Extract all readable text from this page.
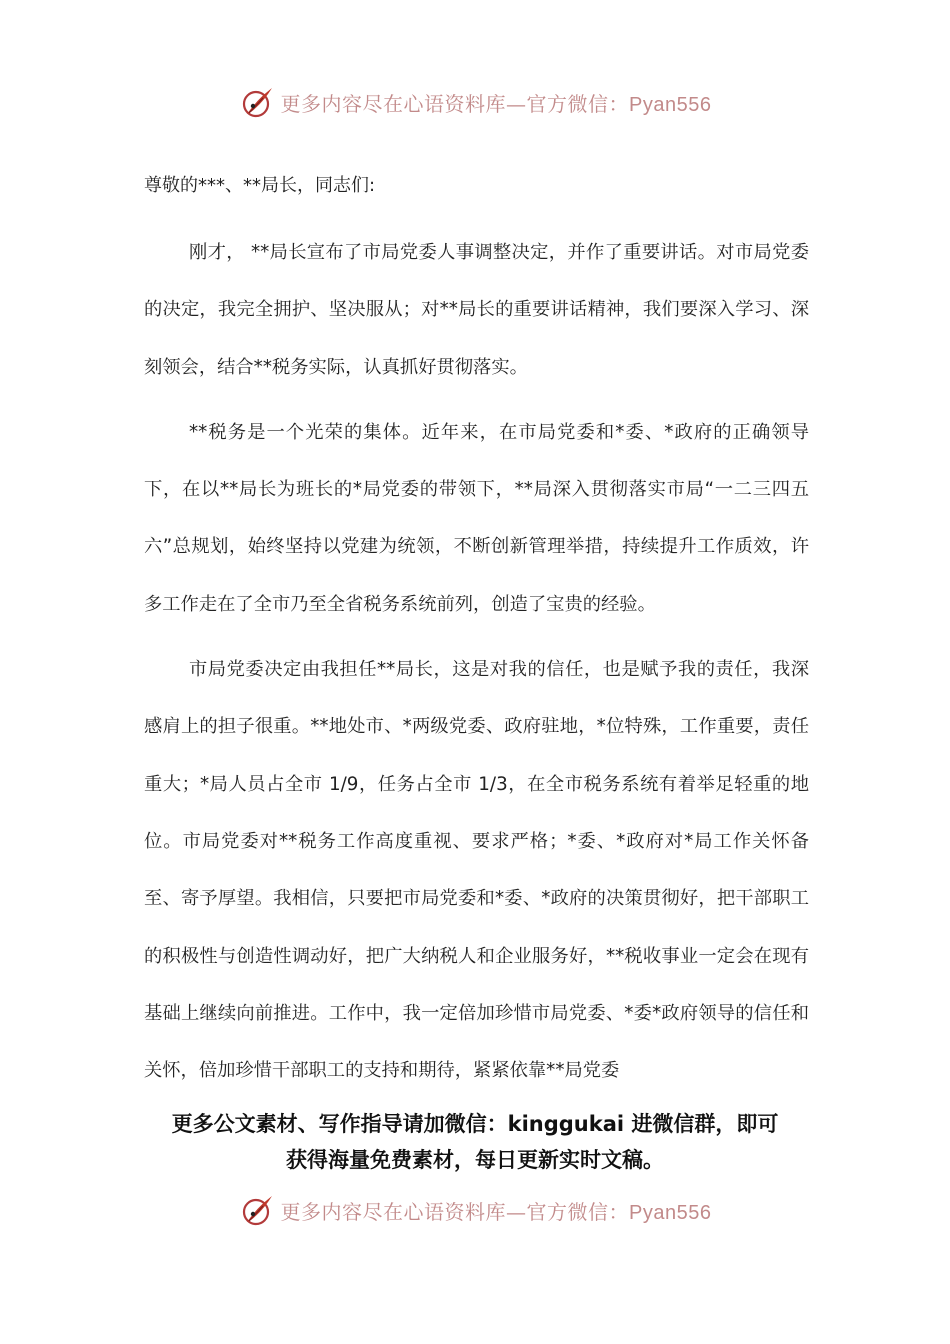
更多内容尽在心语资料库—官方微信：Pyan556

尊敬的***、**局长，同志们:

刚才， **局长宣布了市局党委人事调整决定，并作了重要讲话。对市局党委的决定，我完全拥护、坚决服从；对**局长的重要讲话精神，我们要深入学习、深刻领会，结合**税务实际，认真抓好贯彻落实。

**税务是一个光荣的集体。近年来，在市局党委和*委、*政府的正确领导下，在以**局长为班长的*局党委的带领下，**局深入贯彻落实市局“一二三四五六”总规划，始终坚持以党建为统领，不断创新管理举措，持续提升工作质效，许多工作走在了全市乃至全省税务系统前列，创造了宝贵的经验。

市局党委决定由我担任**局长，这是对我的信任，也是赋予我的责任，我深感肩上的担子很重。**地处市、*两级党委、政府驻地，*位特殊，工作重要，责任重大；*局人员占全市 1/9，任务占全市 1/3，在全市税务系统有着举足轻重的地位。市局党委对**税务工作高度重视、要求严格；*委、*政府对*局工作关怀备至、寄予厚望。我相信，只要把市局党委和*委、*政府的决策贯彻好，把干部职工的积极性与创造性调动好，把广大纳税人和企业服务好，**税收事业一定会在现有基础上继续向前推进。工作中，我一定倍加珍惜市局党委、*委*政府领导的信任和关怀，倍加珍惜干部职工的支持和期待，紧紧依靠**局党委

更多公文素材、写作指导请加微信：kinggukai 进微信群，即可
获得海量免费素材，每日更新实时文稿。
更多内容尽在心语资料库—官方微信：Pyan556
